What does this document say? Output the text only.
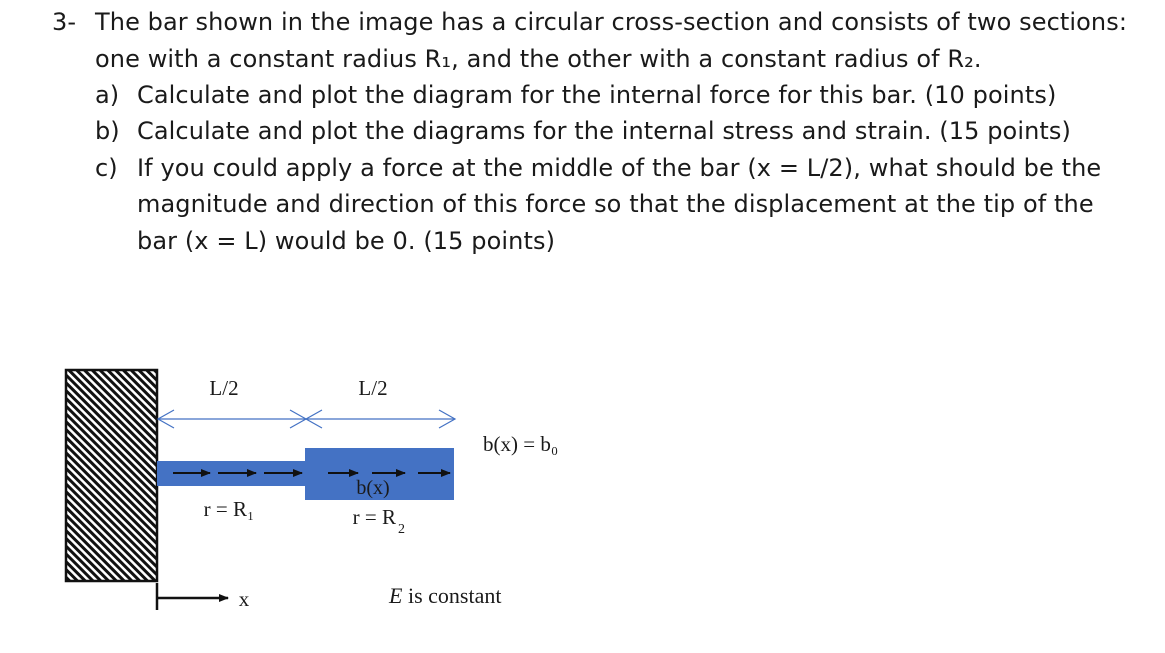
3- The bar shown in the image has a circular cross-section and consists of two sections:
one with a constant radius R₁, and the other with a constant radius of R₂.
a) Calculate and plot the diagram for the internal force for this bar. (10 points)
b) Calculate and plot the diagrams for the internal stress and strain. (15 points)
c) If you could apply a force at the middle of the bar (x = L/2), what should be the
magnitude and direction of this force so that the displacement at the tip of the
bar (x = L) would be 0. (15 points)
L/2	L/2
b(x)
r = R₁	r = R
2
b(x) = b₀
x	E is constant
